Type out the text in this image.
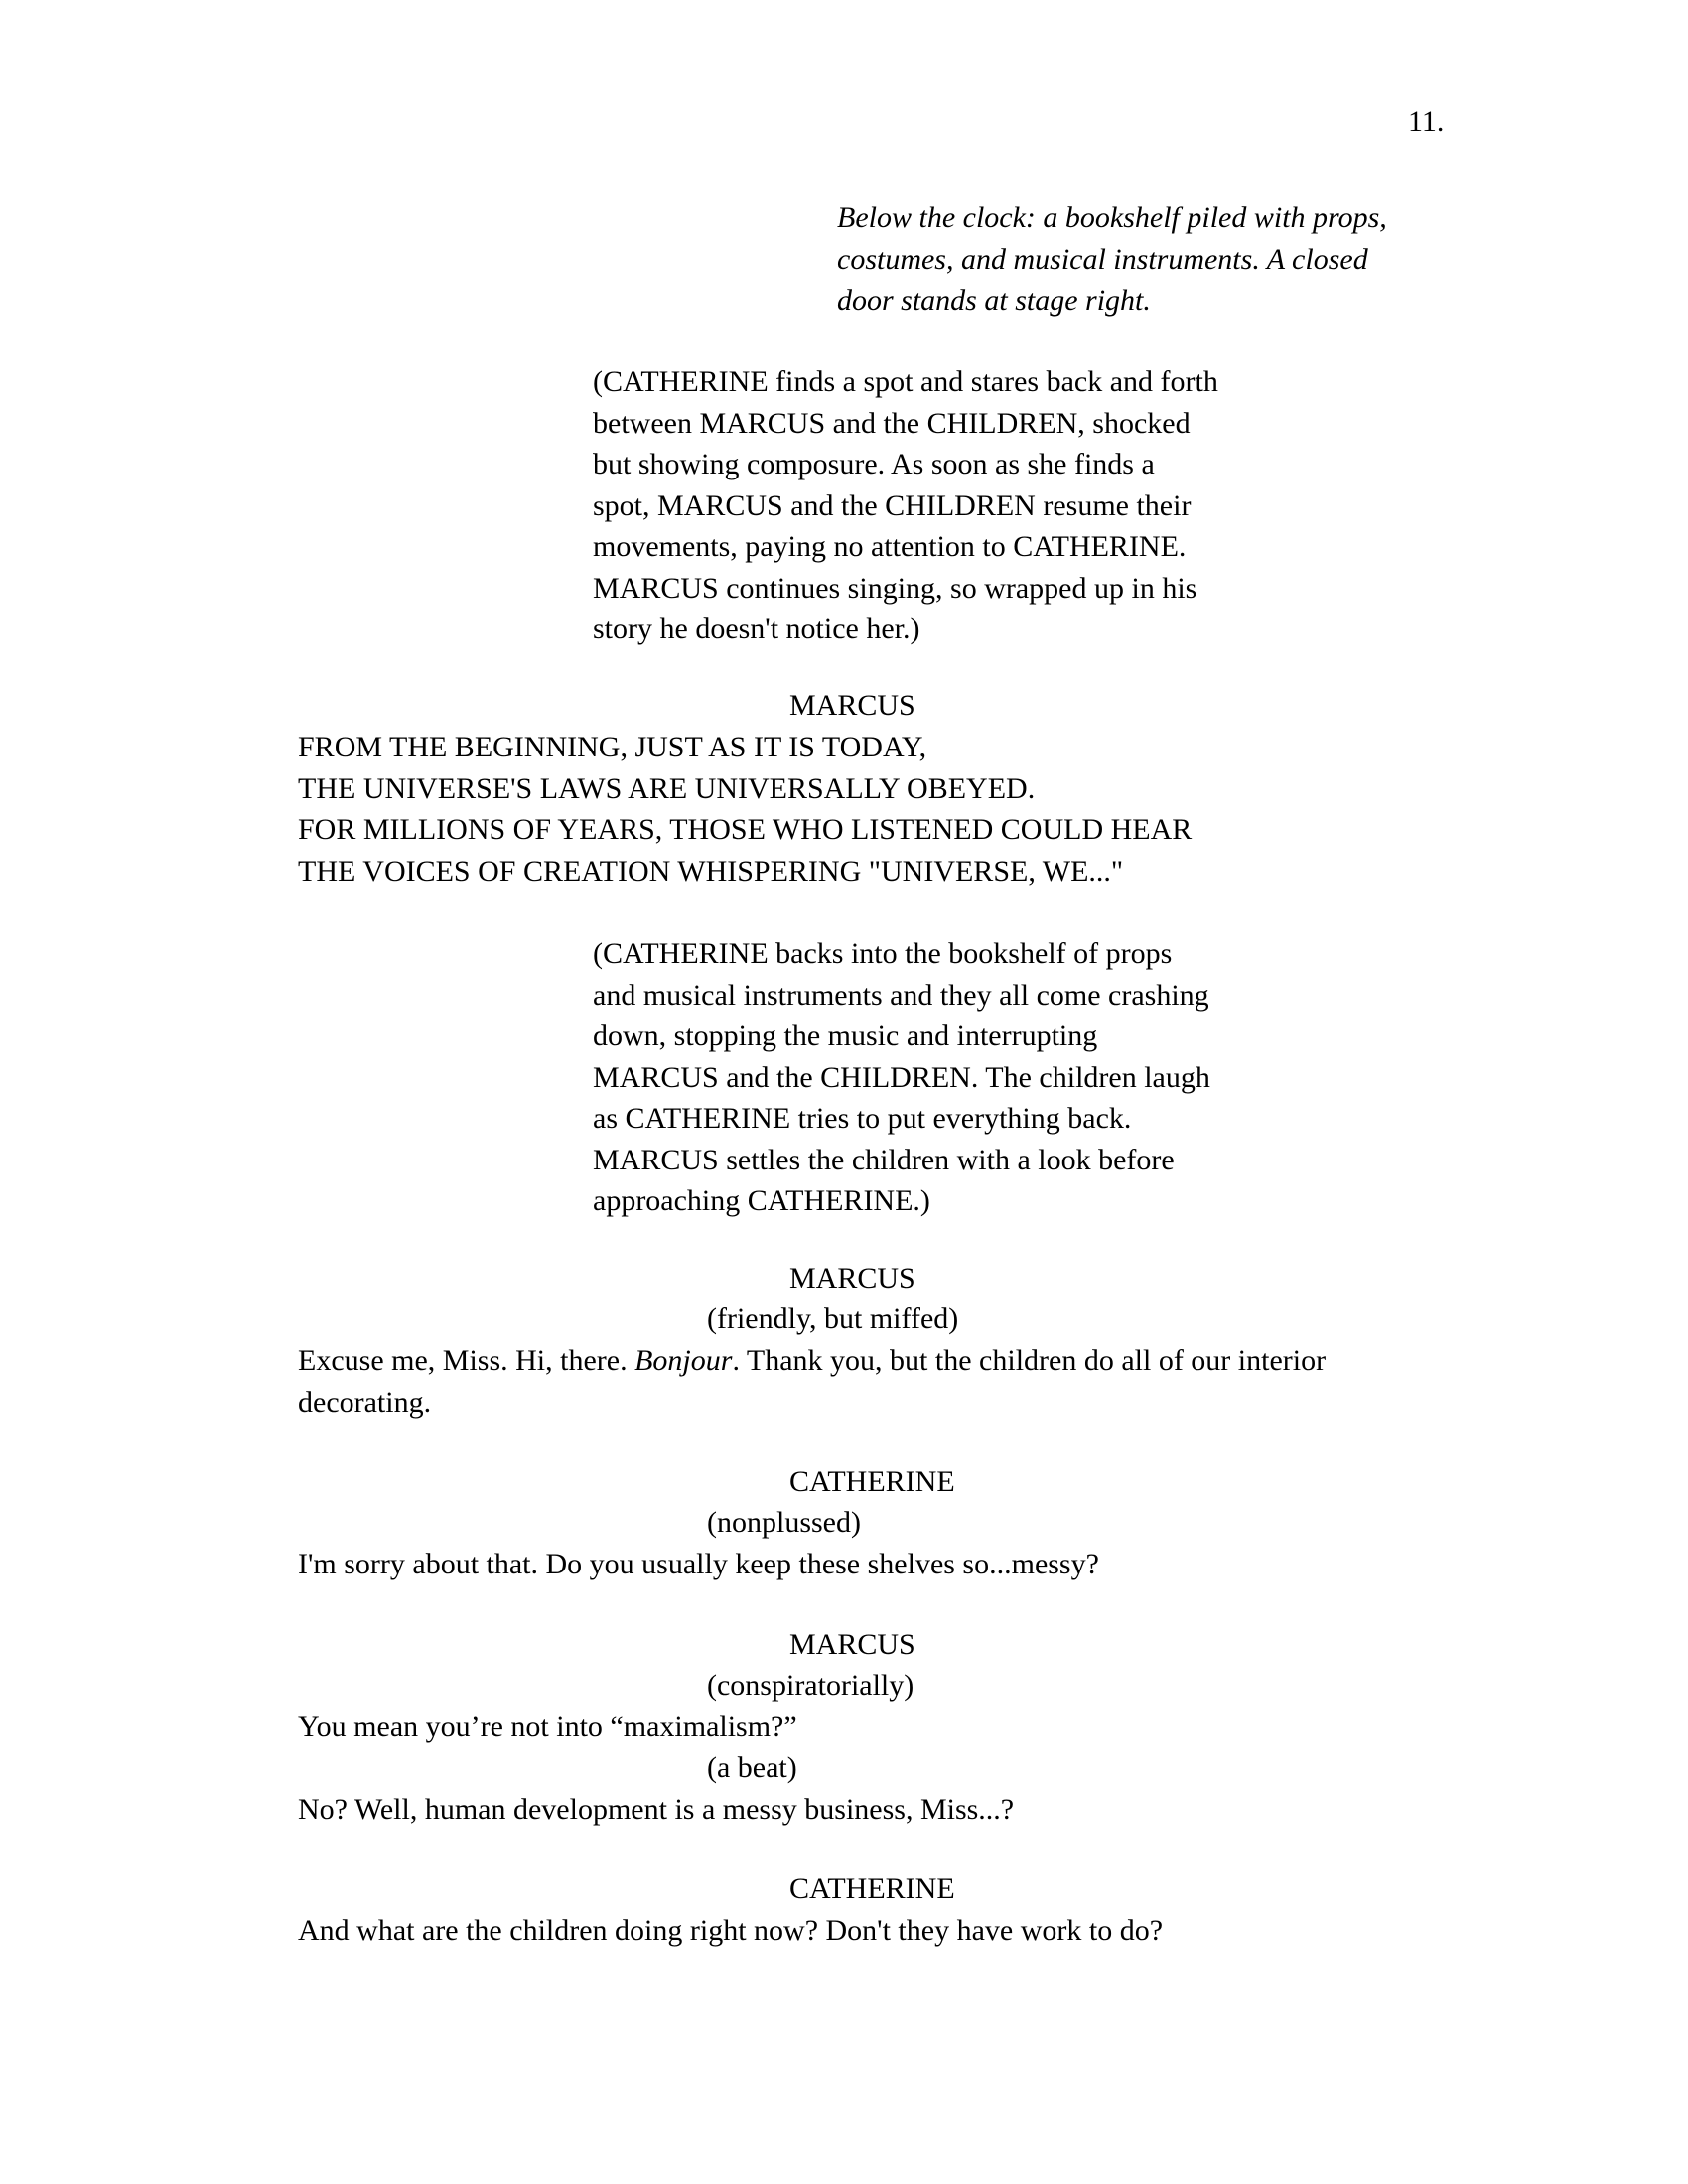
11.
Below the clock: a bookshelf piled with props,
costumes, and musical instruments. A closed
door stands at stage right.
(CATHERINE finds a spot and stares back and forth
between MARCUS and the CHILDREN, shocked
but showing composure. As soon as she finds a
spot, MARCUS and the CHILDREN resume their
movements, paying no attention to CATHERINE.
MARCUS continues singing, so wrapped up in his
story he doesn't notice her.)
MARCUS
FROM THE BEGINNING, JUST AS IT IS TODAY,
THE UNIVERSE'S LAWS ARE UNIVERSALLY OBEYED.
FOR MILLIONS OF YEARS, THOSE WHO LISTENED COULD HEAR
THE VOICES OF CREATION WHISPERING "UNIVERSE, WE..."
(CATHERINE backs into the bookshelf of props
and musical instruments and they all come crashing
down, stopping the music and interrupting
MARCUS and the CHILDREN. The children laugh
as CATHERINE tries to put everything back.
MARCUS settles the children with a look before
approaching CATHERINE.)
MARCUS
(friendly, but miffed)
Excuse me, Miss. Hi, there. Bonjour. Thank you, but the children do all of our interior
decorating.
CATHERINE
(nonplussed)
I'm sorry about that. Do you usually keep these shelves so...messy?
MARCUS
(conspiratorially)
You mean you’re not into “maximalism?”
(a beat)
No? Well, human development is a messy business, Miss...?
CATHERINE
And what are the children doing right now? Don't they have work to do?
